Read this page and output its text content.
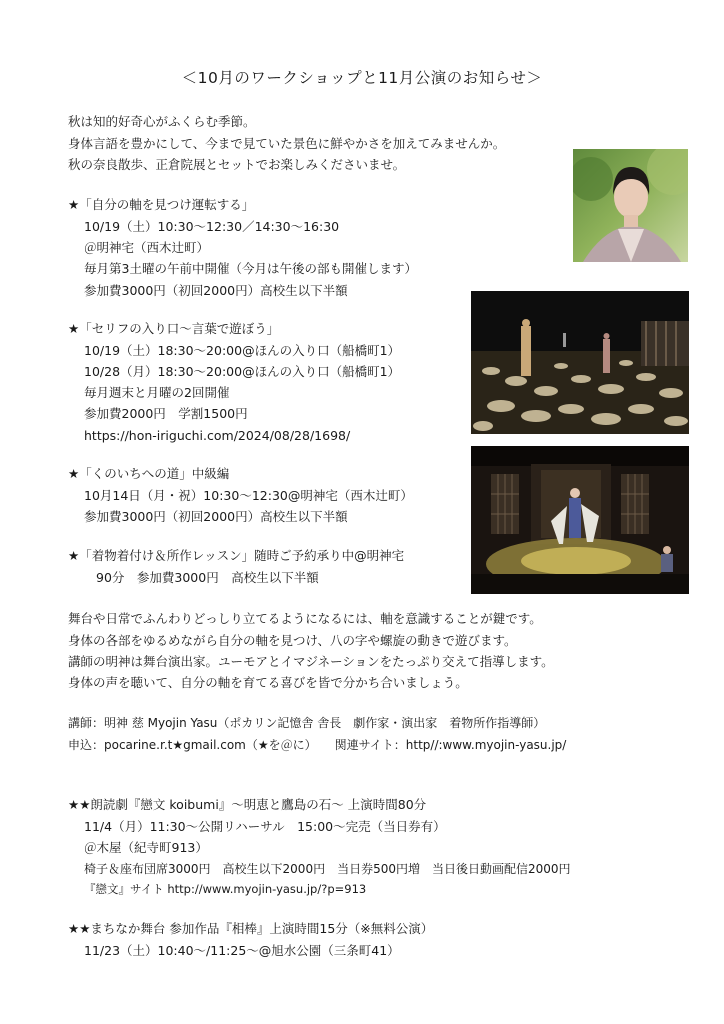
＜10月のワークショップと11月公演のお知らせ＞
秋は知的好奇心がふくらむ季節。
身体言語を豊かにして、今まで見ていた景色に鮮やかさを加えてみませんか。
秋の奈良散歩、正倉院展とセットでお楽しみくださいませ。
★「自分の軸を見つけ運転する」
10/19（土）10:30〜12:30／14:30〜16:30
＠明神宅（西木辻町）
毎月第3土曜の午前中開催（今月は午後の部も開催します）
参加費3000円（初回2000円）高校生以下半額
★「セリフの入り口〜言葉で遊ぼう」
10/19（土）18:30〜20:00@ほんの入り口（船橋町1）
10/28（月）18:30〜20:00@ほんの入り口（船橋町1）
毎月週末と月曜の2回開催
参加費2000円　学割1500円
https://hon-iriguchi.com/2024/08/28/1698/
★「くのいちへの道」中級編
10月14日（月・祝）10:30〜12:30@明神宅（西木辻町）
参加費3000円（初回2000円）高校生以下半額
★「着物着付け＆所作レッスン」随時ご予約承り中@明神宅
90分　参加費3000円　高校生以下半額
舞台や日常でふんわりどっしり立てるようになるには、軸を意識することが鍵です。
身体の各部をゆるめながら自分の軸を見つけ、八の字や螺旋の動きで遊びます。
講師の明神は舞台演出家。ユーモアとイマジネーションをたっぷり交えて指導します。
身体の声を聴いて、自分の軸を育てる喜びを皆で分かち合いましょう。
講師：明神 慈 Myojin Yasu（ポカリン記憶舎 舎長　劇作家・演出家　着物所作指導師）
申込：pocarine.r.t★gmail.com（★を＠に）　　関連サイト：http//:www.myojin-yasu.jp/
★★朗読劇『戀文 koibumi』〜明恵と鷹島の石〜 上演時間80分
11/4（月）11:30〜公開リハーサル　15:00〜完売（当日券有）
＠木屋（紀寺町913）
椅子＆座布団席3000円　高校生以下2000円　当日券500円増　当日後日動画配信2000円
『戀文』サイト http://www.myojin-yasu.jp/?p=913
★★まちなか舞台 参加作品『相棒』上演時間15分（※無料公演）
11/23（土）10:40〜/11:25〜@旭水公園（三条町41）
